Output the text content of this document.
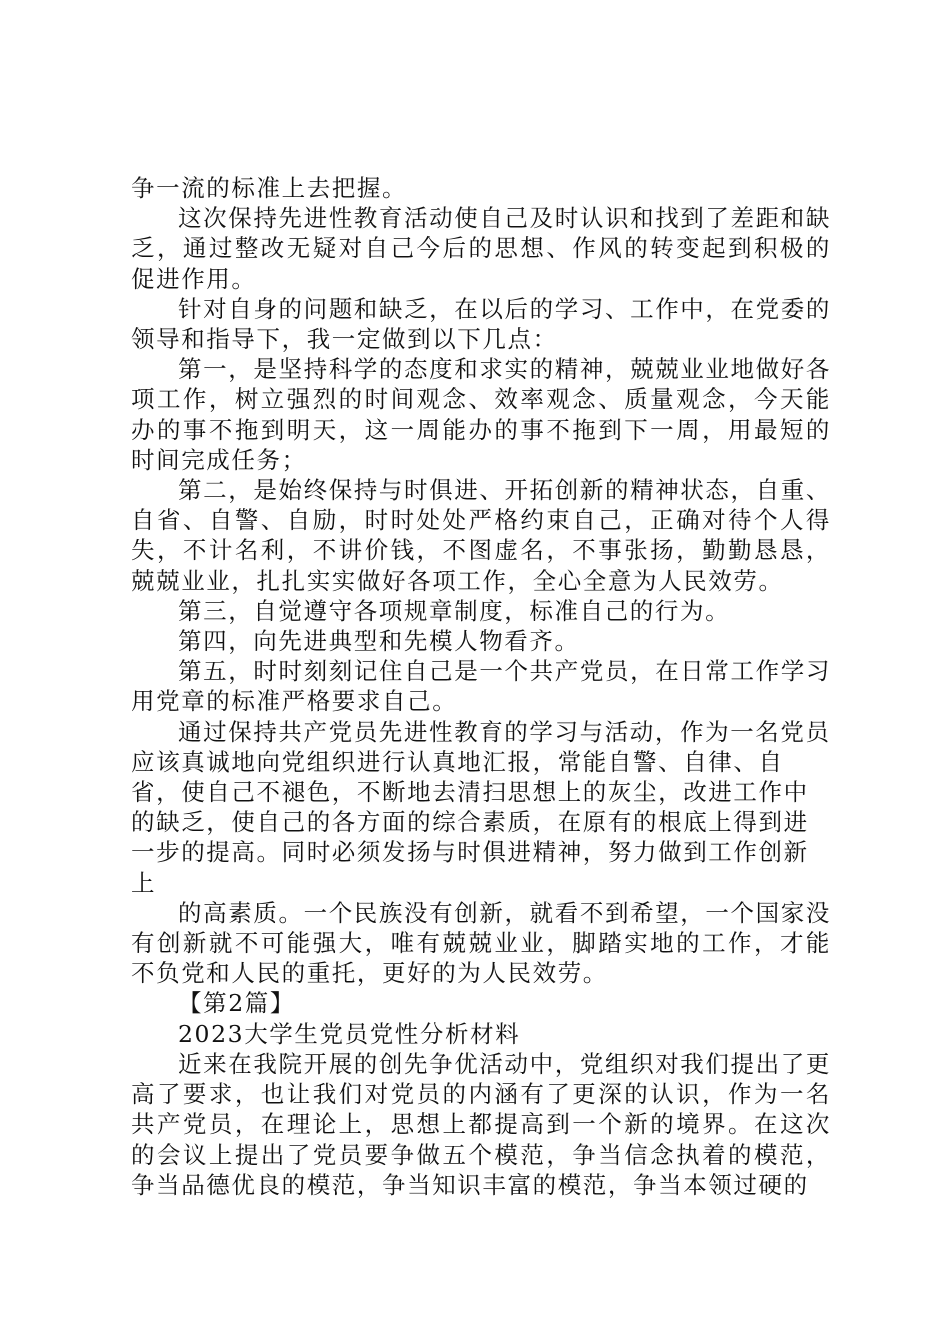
争一流的标准上去把握。

这次保持先进性教育活动使自己及时认识和找到了差距和缺乏，通过整改无疑对自己今后的思想、作风的转变起到积极的促进作用。

针对自身的问题和缺乏，在以后的学习、工作中，在党委的领导和指导下，我一定做到以下几点：

第一，是坚持科学的态度和求实的精神，兢兢业业地做好各项工作，树立强烈的时间观念、效率观念、质量观念，今天能办的事不拖到明天，这一周能办的事不拖到下一周，用最短的时间完成任务；

第二，是始终保持与时俱进、开拓创新的精神状态，自重、自省、自警、自励，时时处处严格约束自己，正确对待个人得失，不计名利，不讲价钱，不图虚名，不事张扬，勤勤恳恳，兢兢业业，扎扎实实做好各项工作，全心全意为人民效劳。

第三，自觉遵守各项规章制度，标准自己的行为。

第四，向先进典型和先模人物看齐。

第五，时时刻刻记住自己是一个共产党员，在日常工作学习用党章的标准严格要求自己。

通过保持共产党员先进性教育的学习与活动，作为一名党员应该真诚地向党组织进行认真地汇报，常能自警、自律、自省，使自己不褪色，不断地去清扫思想上的灰尘，改进工作中的缺乏，使自己的各方面的综合素质，在原有的根底上得到进一步的提高。同时必须发扬与时俱进精神，努力做到工作创新上

的高素质。一个民族没有创新，就看不到希望，一个国家没有创新就不可能强大，唯有兢兢业业，脚踏实地的工作，才能不负党和人民的重托，更好的为人民效劳。

【第2篇】

2023大学生党员党性分析材料

近来在我院开展的创先争优活动中，党组织对我们提出了更高了要求，也让我们对党员的内涵有了更深的认识，作为一名共产党员，在理论上，思想上都提高到一个新的境界。在这次的会议上提出了党员要争做五个模范，争当信念执着的模范，争当品德优良的模范，争当知识丰富的模范，争当本领过硬的
